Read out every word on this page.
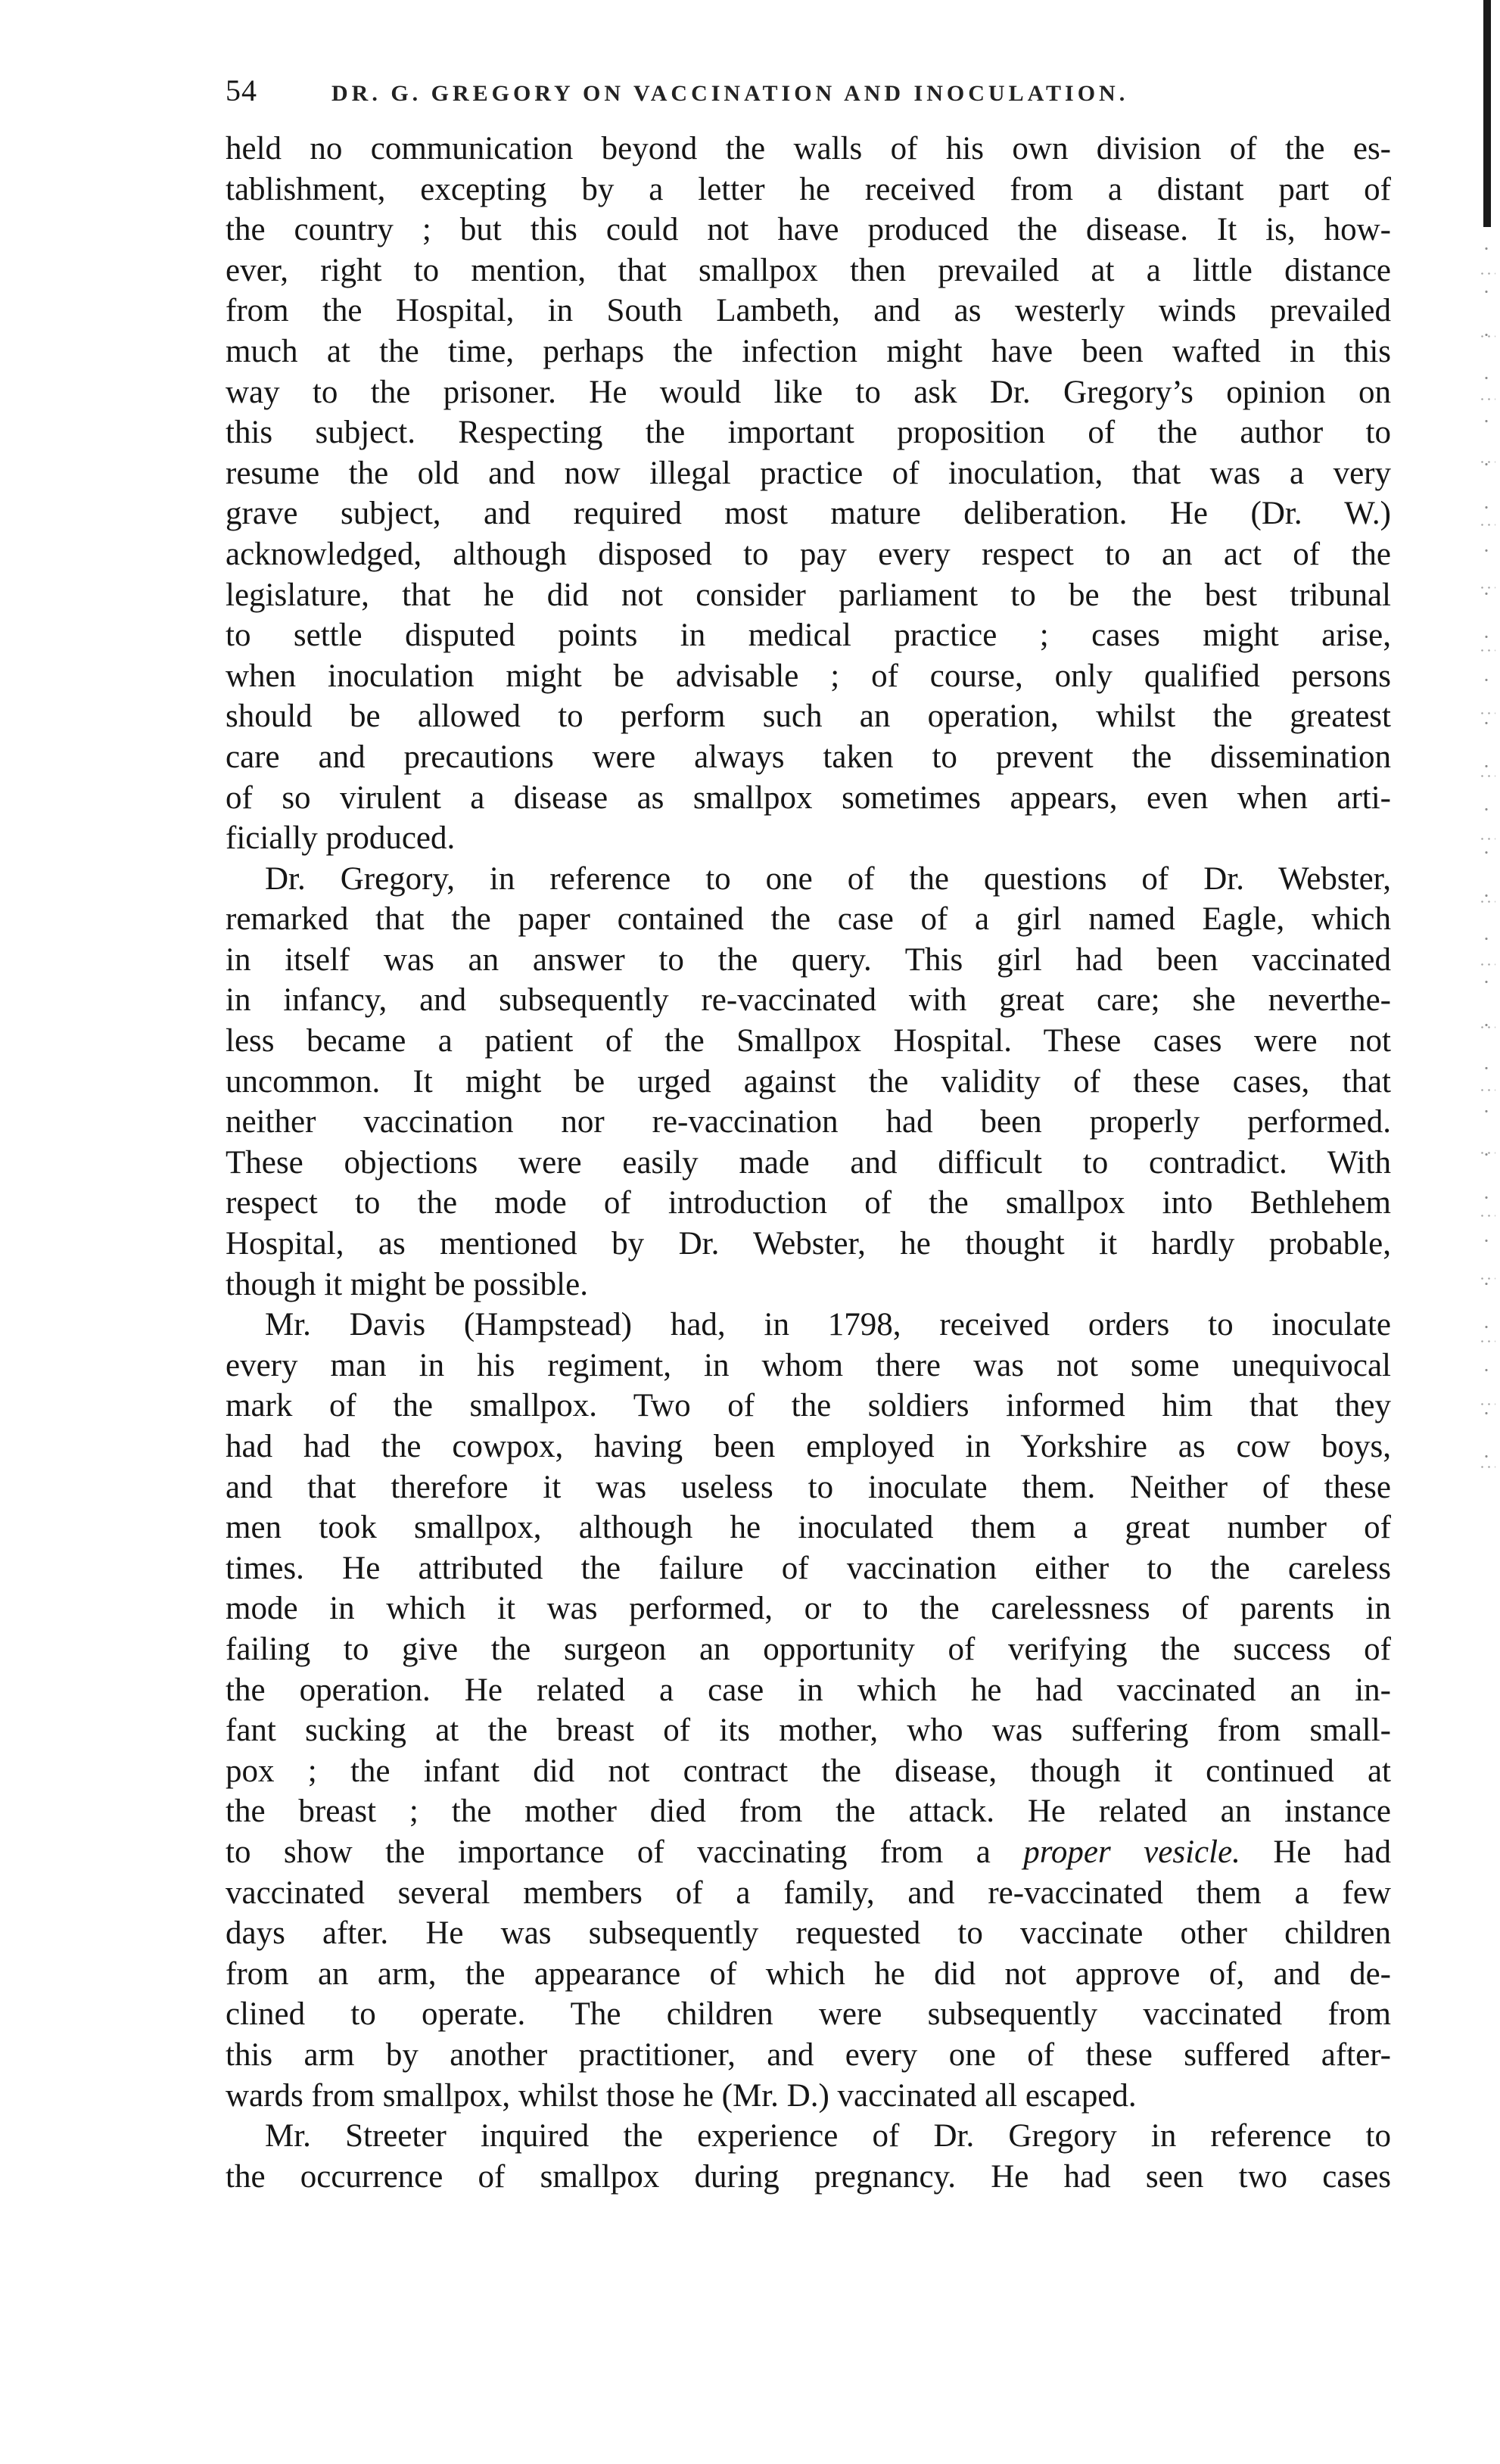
54	DR. G. GREGORY ON VACCINATION AND INOCULATION.
held no communication beyond the walls of his own division of the es-
tablishment, excepting by a letter he received from a distant part of
the country ; but this could not have produced the disease. It is, how-
ever, right to mention, that smallpox then prevailed at a little distance
from the Hospital, in South Lambeth, and as westerly winds prevailed
much at the time, perhaps the infection might have been wafted in this
way to the prisoner. He would like to ask Dr. Gregory’s opinion on
this subject. Respecting the important proposition of the author to
resume the old and now illegal practice of inoculation, that was a very
grave subject, and required most mature deliberation. He (Dr. W.)
acknowledged, although disposed to pay every respect to an act of the
legislature, that he did not consider parliament to be the best tribunal
to settle disputed points in medical practice ; cases might arise,
when inoculation might be advisable ; of course, only qualified persons
should be allowed to perform such an operation, whilst the greatest
care and precautions were always taken to prevent the dissemination
of so virulent a disease as smallpox sometimes appears, even when arti-
ficially produced.
Dr. Gregory, in reference to one of the questions of Dr. Webster,
remarked that the paper contained the case of a girl named Eagle, which
in itself was an answer to the query. This girl had been vaccinated
in infancy, and subsequently re-vaccinated with great care; she neverthe-
less became a patient of the Smallpox Hospital. These cases were not
uncommon. It might be urged against the validity of these cases, that
neither vaccination nor re-vaccination had been properly performed.
These objections were easily made and difficult to contradict. With
respect to the mode of introduction of the smallpox into Bethlehem
Hospital, as mentioned by Dr. Webster, he thought it hardly probable,
though it might be possible.
Mr. Davis (Hampstead) had, in 1798, received orders to inoculate
every man in his regiment, in whom there was not some unequivocal
mark of the smallpox. Two of the soldiers informed him that they
had had the cowpox, having been employed in Yorkshire as cow boys,
and that therefore it was useless to inoculate them. Neither of these
men took smallpox, although he inoculated them a great number of
times. He attributed the failure of vaccination either to the careless
mode in which it was performed, or to the carelessness of parents in
failing to give the surgeon an opportunity of verifying the success of
the operation. He related a case in which he had vaccinated an in-
fant sucking at the breast of its mother, who was suffering from small-
pox ; the infant did not contract the disease, though it continued at
the breast ; the mother died from the attack. He related an instance
to show the importance of vaccinating from a proper vesicle. He had
vaccinated several members of a family, and re-vaccinated them a few
days after. He was subsequently requested to vaccinate other children
from an arm, the appearance of which he did not approve of, and de-
clined to operate. The children were subsequently vaccinated from
this arm by another practitioner, and every one of these suffered after-
wards from smallpox, whilst those he (Mr. D.) vaccinated all escaped.
Mr. Streeter inquired the experience of Dr. Gregory in reference to
the occurrence of smallpox during pregnancy. He had seen two cases
